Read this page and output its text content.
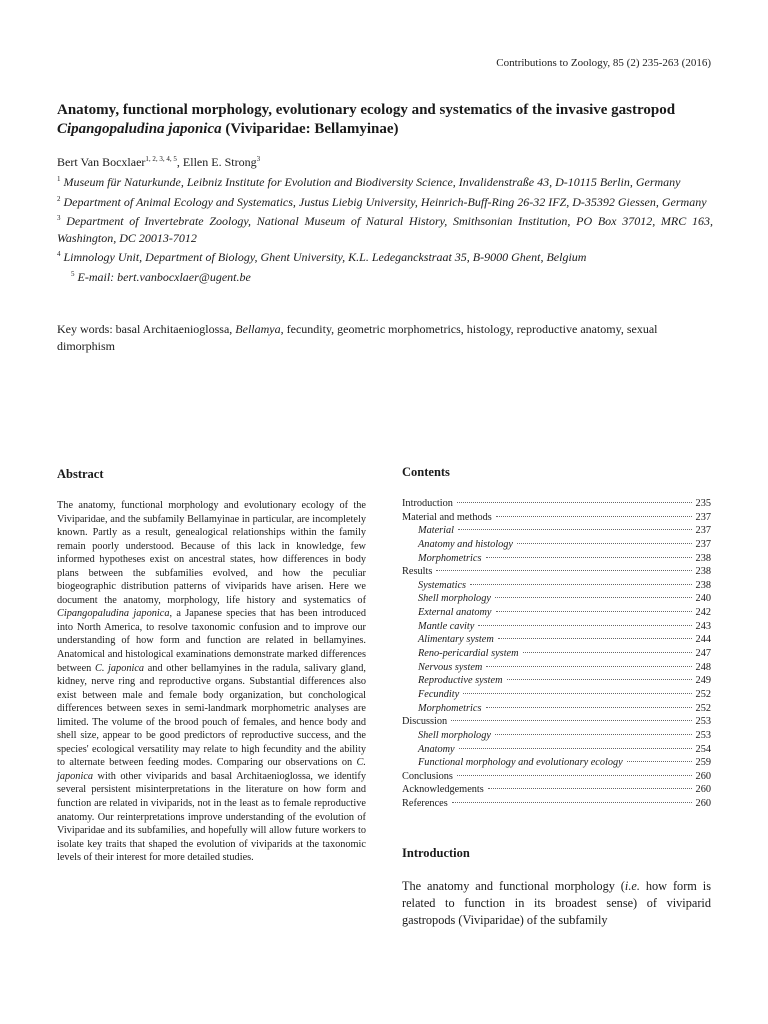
Contributions to Zoology, 85 (2) 235-263 (2016)
Anatomy, functional morphology, evolutionary ecology and systematics of the invasive gastropod Cipangopaludina japonica (Viviparidae: Bellamyinae)
Bert Van Bocxlaer$^{1, 2, 3, 4, 5}$, Ellen E. Strong$^3$
$^1$ Museum für Naturkunde, Leibniz Institute for Evolution and Biodiversity Science, Invalidenstraße 43, D-10115 Berlin, Germany
$^2$ Department of Animal Ecology and Systematics, Justus Liebig University, Heinrich-Buff-Ring 26-32 IFZ, D-35392 Giessen, Germany
$^3$ Department of Invertebrate Zoology, National Museum of Natural History, Smithsonian Institution, PO Box 37012, MRC 163, Washington, DC 20013-7012
$^4$ Limnology Unit, Department of Biology, Ghent University, K.L. Ledeganckstraat 35, B-9000 Ghent, Belgium
$^5$ E-mail: bert.vanbocxlaer@ugent.be
Key words: basal Architaenioglossa, Bellamya, fecundity, geometric morphometrics, histology, reproductive anatomy, sexual dimorphism
Abstract

The anatomy, functional morphology and evolutionary ecology of the Viviparidae, and the subfamily Bellamyinae in particular, are incompletely known. Partly as a result, genealogical relationships within the family remain poorly understood. Because of this lack in knowledge, few informed hypotheses exist on ancestral states, how differences in body plans between the subfamilies evolved, and how the peculiar biogeographic distribution patterns of viviparids have arisen. Here we document the anatomy, morphology, life history and systematics of Cipangopaludina japonica, a Japanese species that has been introduced into North America, to resolve taxonomic confusion and to improve our understanding of how form and function are related in bellamyines. Anatomical and histological examinations demonstrate marked differences between C. japonica and other bellamyines in the radula, salivary gland, kidney, nerve ring and reproductive organs. Substantial differences also exist between male and female body organization, but conchological differences between sexes in semi-landmark morphometric analyses are limited. The volume of the brood pouch of females, and hence body and shell size, appear to be good predictors of reproductive success, and the species' ecological versatility may relate to high fecundity and the ability to alternate between feeding modes. Comparing our observations on C. japonica with other viviparids and basal Architaenioglossa, we identify several persistent misinterpretations in the literature on how form and function are related in viviparids, not in the least as to female reproductive anatomy. Our reinterpretations improve understanding of the evolution of Viviparidae and its subfamilies, and hopefully will allow future workers to isolate key traits that shaped the evolution of viviparids at the taxonomic levels of their interest for more detailed studies.

Contents
Introduction	235
Material and methods	237
Material	237
Anatomy and histology	237
Morphometrics	238
Results	238
Systematics	238
Shell morphology	240
External anatomy	242
Mantle cavity	243
Alimentary system	244
Reno-pericardial system	247
Nervous system	248
Reproductive system	249
Fecundity	252
Morphometrics	252
Discussion	253
Shell morphology	253
Anatomy	254
Functional morphology and evolutionary ecology	259
Conclusions	260
Acknowledgements	260
References	260
Introduction

The anatomy and functional morphology (i.e. how form is related to function in its broadest sense) of viviparid gastropods (Viviparidae) of the subfamily
